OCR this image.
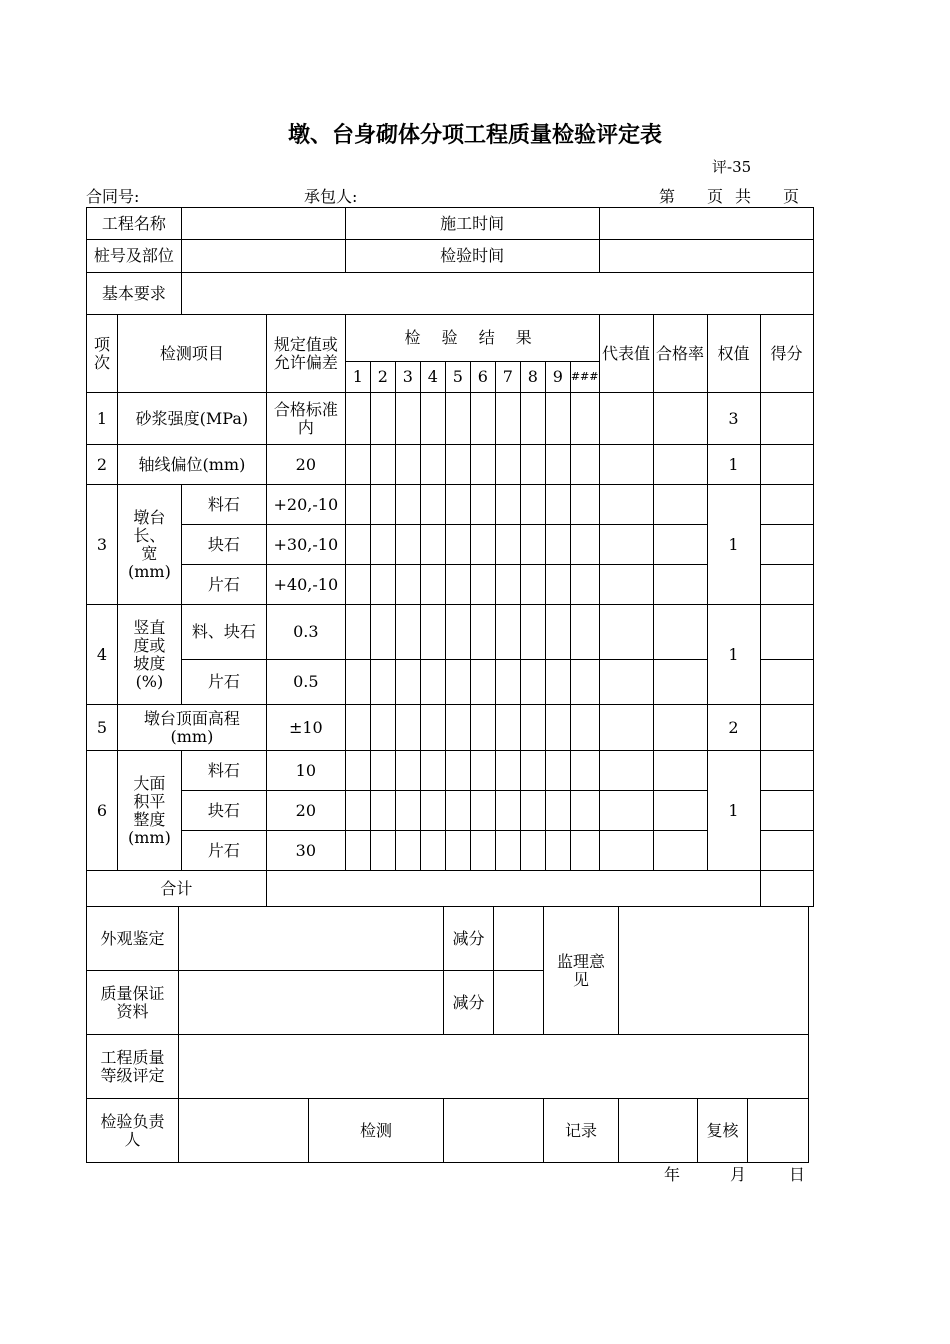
墩、台身砌体分项工程质量检验评定表
评-35
合同号:	承包人:	第 页 共 页
工程名称				施工时间													
桩号及部位				检验时间													
基本要求																	
项次	检测项目		规定值或允许偏差	检 验 结 果										代表值	合格率	权值	得分
				1	2	3	4	5	6	7	8	9	###				
1	砂浆强度(MPa)		合格标准内													3	
2	轴线偏位(mm)		20													1	
3	墩台长、宽(mm)	料石	+20,-10													1	
		块石	+30,-10														
		片石	+40,-10														
4	竖直度或坡度(%)	料、块石	0.3													1	
		片石	0.5														
5	墩台顶面高程(mm)		±10													2	
6	大面积平整度(mm)	料石	10													1	
		块石	20														
		片石	30														
合计																	
外观鉴定			减分		监理意见			
质量保证资料			减分					
工程质量等级评定								
检验负责人		检测			记录		复核	
年	月	日
